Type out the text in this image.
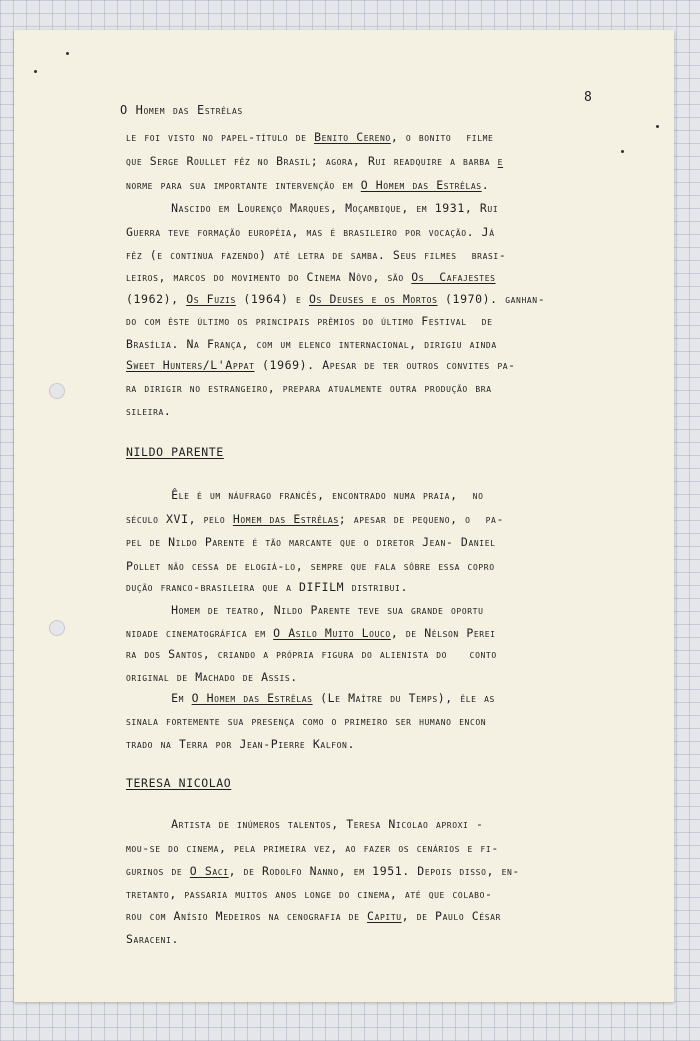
O Homem das Estrêlas
8
le foi visto no papel-título de Benito Cereno, o bonito  filme
que Serge Roullet fêz no Brasil; agora, Rui readquire a barba e
norme para sua importante intervenção em O Homem das Estrêlas.
Nascido em Lourenço Marques, Moçambique, em 1931, Rui
Guerra teve formação européia, mas é brasileiro por vocação. Já
fêz (e continua fazendo) até letra de samba. Seus filmes  brasi-
leiros, marcos do movimento do Cinema Nôvo, são Os  Cafajestes
(1962), Os Fuzis (1964) e Os Deuses e os Mortos (1970). ganhan-
do com êste último os principais prêmios do último Festival  de
Brasília. Na França, com um elenco internacional, dirigiu ainda
Sweet Hunters/L'Appat (1969). Apesar de ter outros convites pa-
ra dirigir no estrangeiro, prepara atualmente outra produção bra
sileira.
NILDO PARENTE
Êle é um náufrago francês, encontrado numa praia,  no
século XVI, pelo Homem das Estrêlas; apesar de pequeno, o  pa-
pel de Nildo Parente é tão marcante que o diretor Jean- Daniel
Pollet não cessa de elogiá-lo, sempre que fala sôbre essa copro
dução franco-brasileira que a DIFILM distribui.
Homem de teatro, Nildo Parente teve sua grande oportu
nidade cinematográfica em O Asilo Muito Louco, de Nélson Perei
ra dos Santos, criando a própria figura do alienista do   conto
original de Machado de Assis.
Em O Homem das Estrêlas (Le Maître du Temps), êle as
sinala fortemente sua presença como o primeiro ser humano encon
trado na Terra por Jean-Pierre Kalfon.
TERESA NICOLAO
Artista de inúmeros talentos, Teresa Nicolao aproxi -
mou-se do cinema, pela primeira vez, ao fazer os cenários e fi-
gurinos de O Saci, de Rodolfo Nanno, em 1951. Depois disso, en-
tretanto, passaria muitos anos longe do cinema, até que colabo-
rou com Anísio Medeiros na cenografia de Capitu, de Paulo César
Saraceni.
